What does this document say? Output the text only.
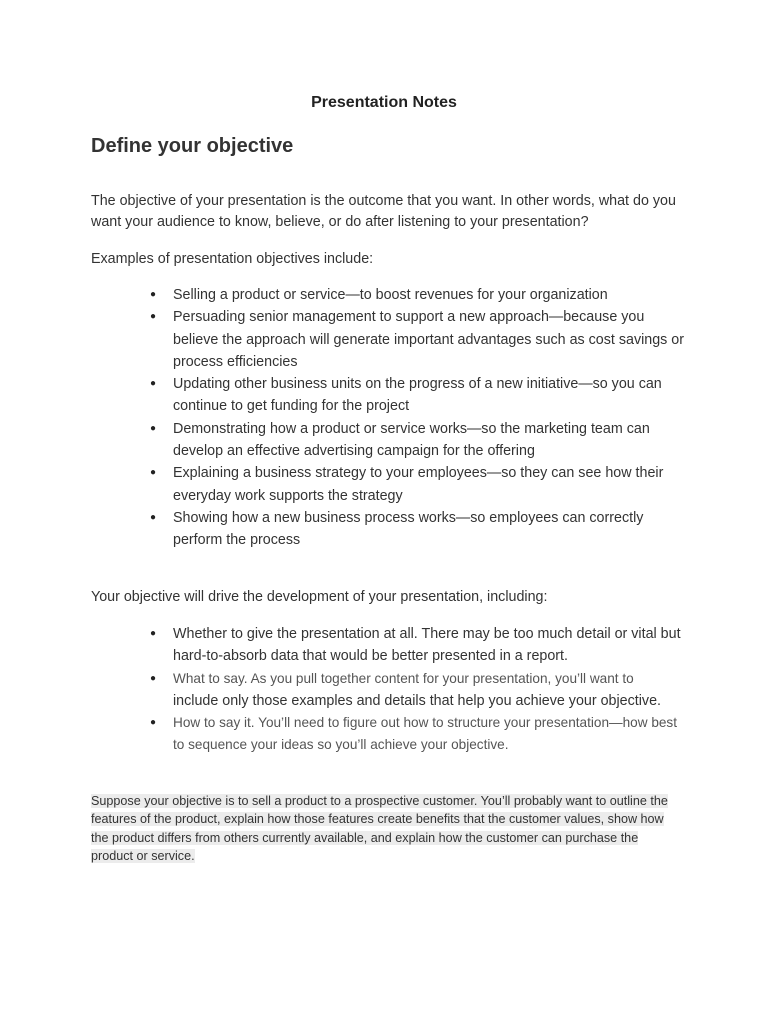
Presentation Notes
Define your objective

The objective of your presentation is the outcome that you want. In other words, what do you want your audience to know, believe, or do after listening to your presentation?

Examples of presentation objectives include:

● Selling a product or service—to boost revenues for your organization
● Persuading senior management to support a new approach—because you believe the approach will generate important advantages such as cost savings or process efficiencies
● Updating other business units on the progress of a new initiative—so you can continue to get funding for the project
● Demonstrating how a product or service works—so the marketing team can develop an effective advertising campaign for the offering
● Explaining a business strategy to your employees—so they can see how their everyday work supports the strategy
● Showing how a new business process works—so employees can correctly perform the process

Your objective will drive the development of your presentation, including:

● Whether to give the presentation at all. There may be too much detail or vital but hard-to-absorb data that would be better presented in a report.
● What to say. As you pull together content for your presentation, you’ll want to
include only those examples and details that help you achieve your objective.
● How to say it. You’ll need to figure out how to structure your presentation—how best to sequence your ideas so you’ll achieve your objective.

Suppose your objective is to sell a product to a prospective customer. You’ll probably want to outline the features of the product, explain how those features create benefits that the customer values, show how the product differs from others currently available, and explain how the customer can purchase the product or service.
